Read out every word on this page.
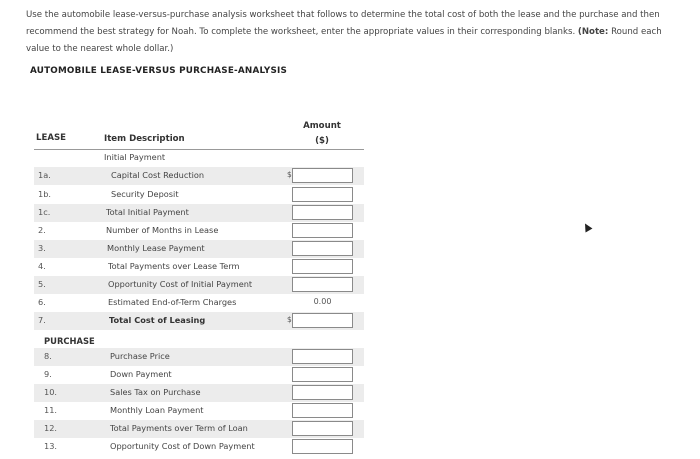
Use the automobile lease-versus-purchase analysis worksheet that follows to determine the total cost of both the lease and the purchase and then recommend the best strategy for Noah. To complete the worksheet, enter the appropriate values in their corresponding blanks. (Note: Round each value to the nearest whole dollar.)

AUTOMOBILE LEASE-VERSUS PURCHASE-ANALYSIS
Amount
($)
LEASE	Item Description
Initial Payment
1a.	Capital Cost Reduction	$
1b.	Security Deposit
1c.	Total Initial Payment
2.	Number of Months in Lease
3.	Monthly Lease Payment
4.	Total Payments over Lease Term
5.	Opportunity Cost of Initial Payment
6.	Estimated End-of-Term Charges	0.00
7.	Total Cost of Leasing	$
PURCHASE
8.	Purchase Price
9.	Down Payment
10.	Sales Tax on Purchase
11.	Monthly Loan Payment
12.	Total Payments over Term of Loan
13.	Opportunity Cost of Down Payment
